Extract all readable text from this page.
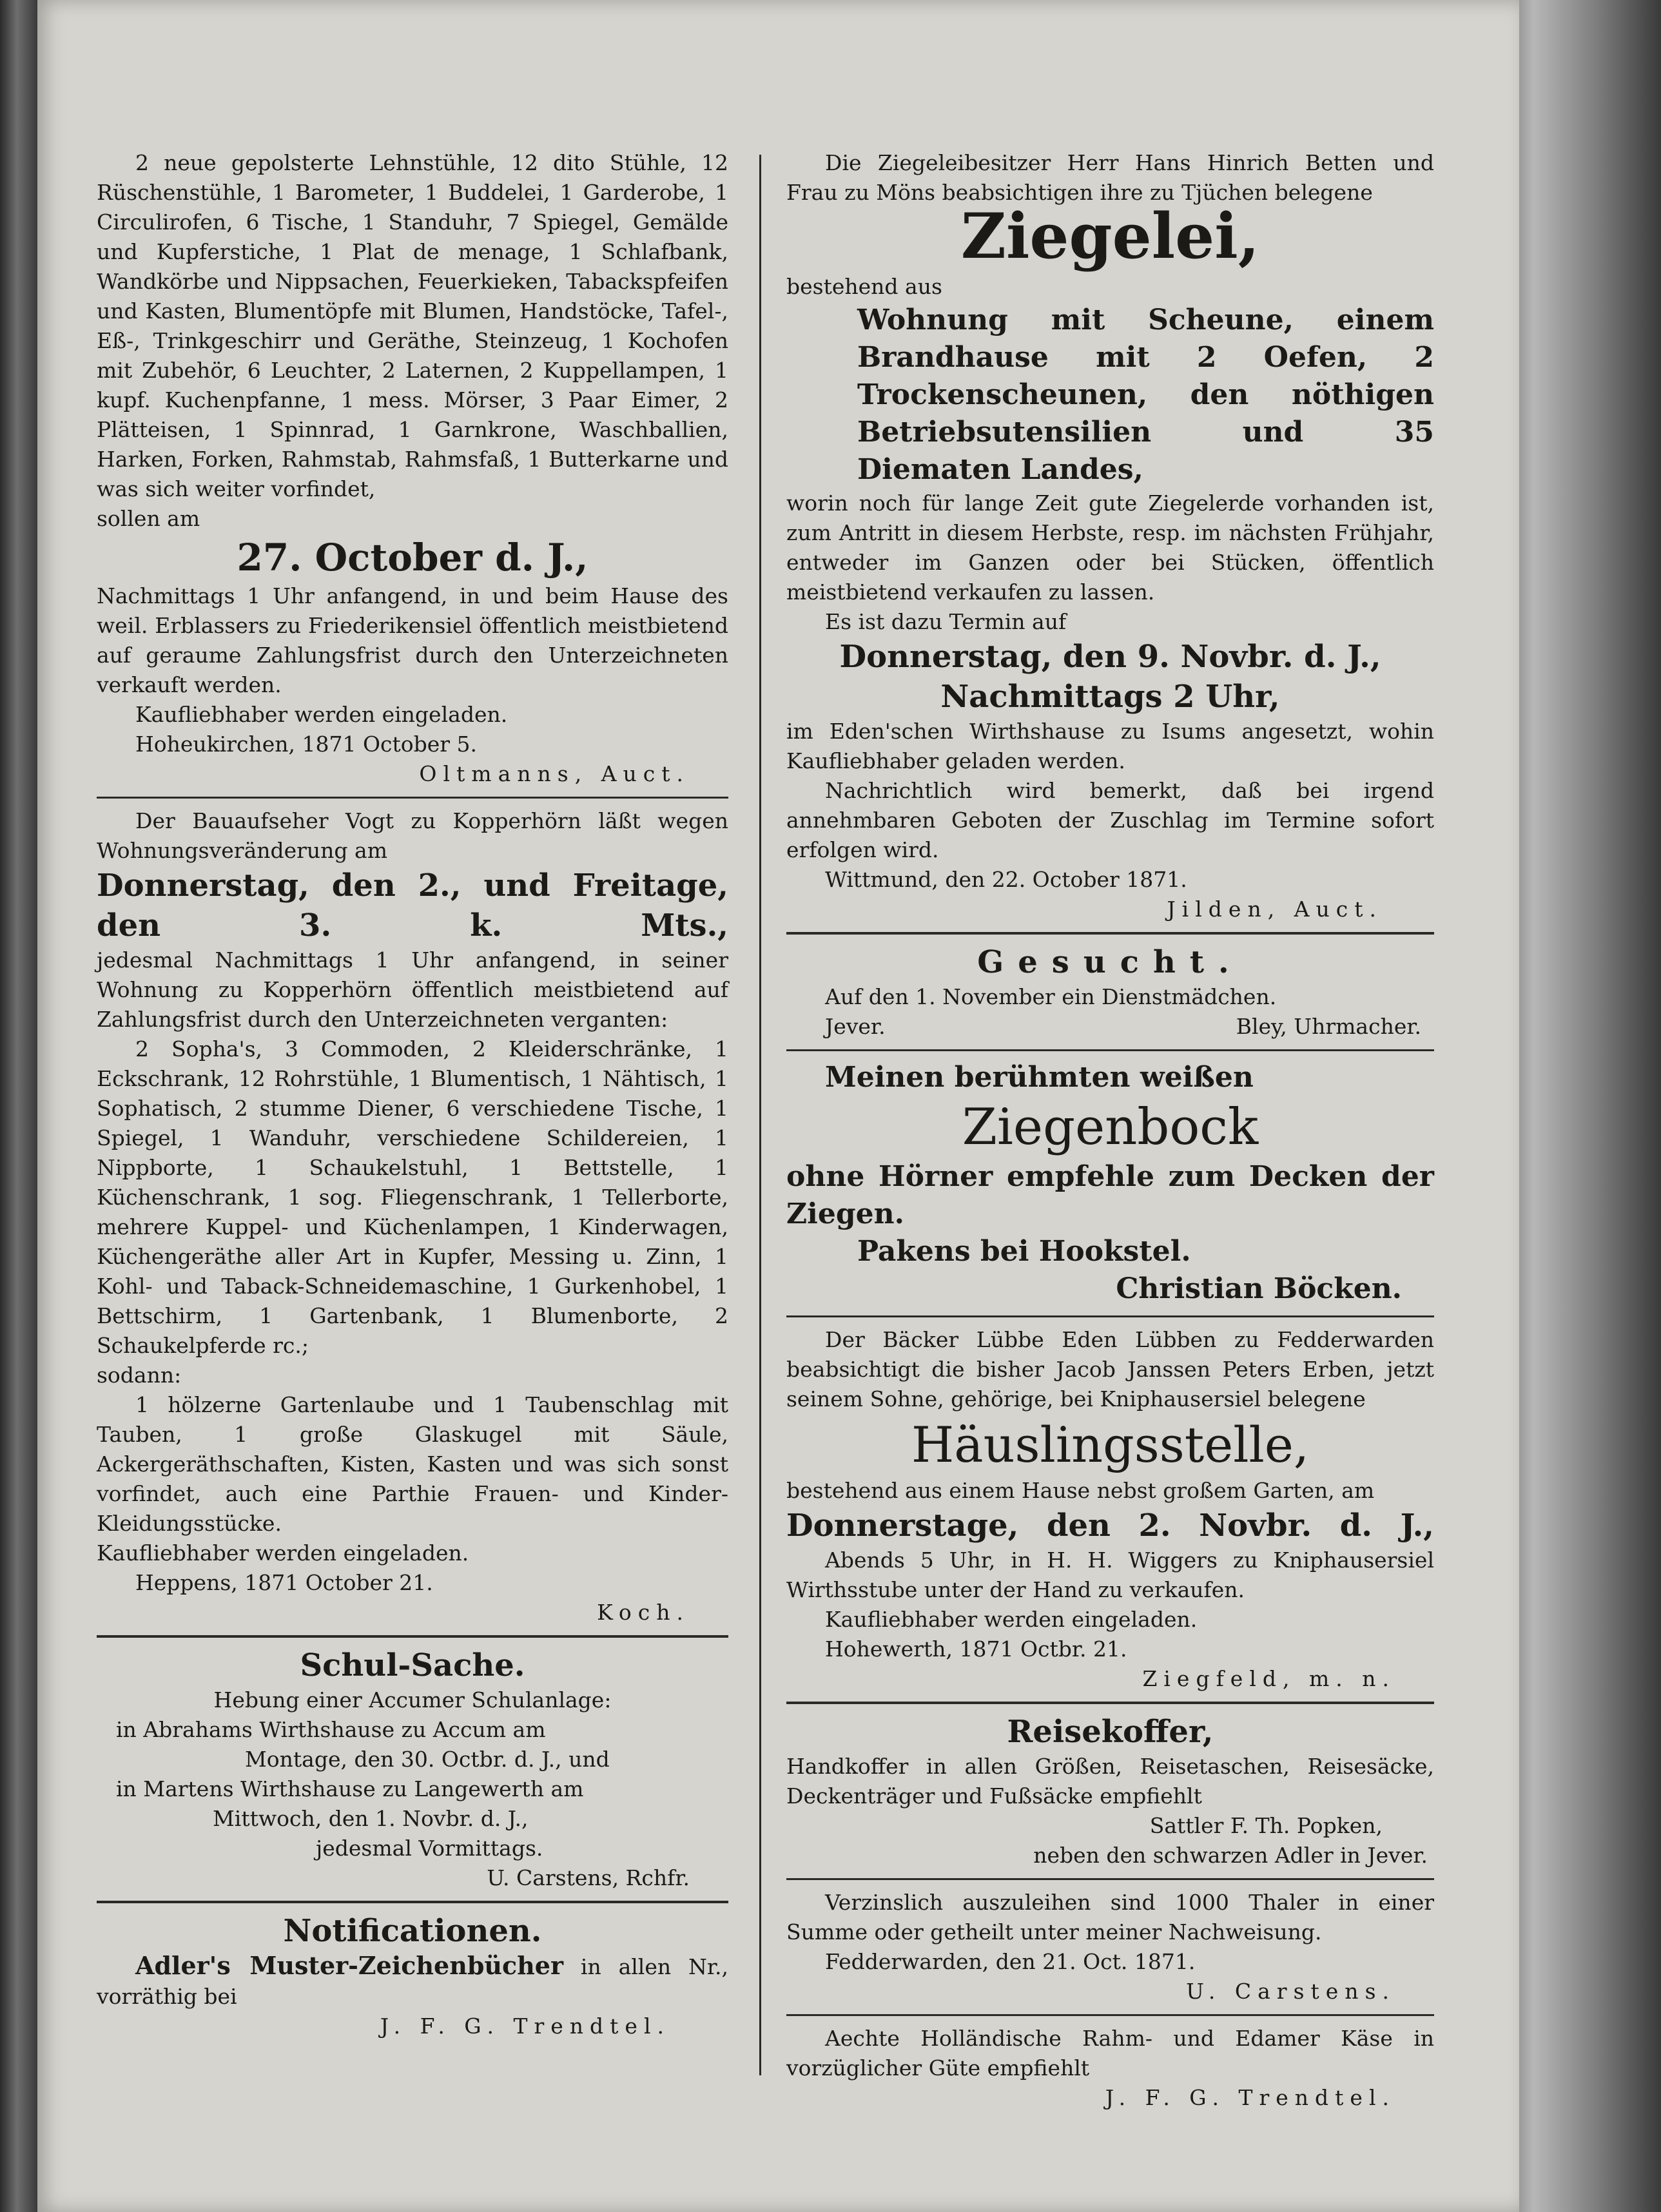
2 neue gepolsterte Lehnstühle, 12 dito Stühle, 12 Rüschenstühle, 1 Barometer, 1 Buddelei, 1 Garderobe, 1 Circulirofen, 6 Tische, 1 Standuhr, 7 Spiegel, Gemälde und Kupferstiche, 1 Plat de menage, 1 Schlafbank, Wandkörbe und Nippsachen, Feuerkieken, Tabackspfeifen und Kasten, Blumentöpfe mit Blumen, Handstöcke, Tafel-, Eß-, Trinkgeschirr und Geräthe, Steinzeug, 1 Kochofen mit Zubehör, 6 Leuchter, 2 Laternen, 2 Kuppellampen, 1 kupf. Kuchenpfanne, 1 mess. Mörser, 3 Paar Eimer, 2 Plätteisen, 1 Spinnrad, 1 Garnkrone, Waschballien, Harken, Forken, Rahmstab, Rahmsfaß, 1 Butterkarne und was sich weiter vorfindet,

sollen am

27. October d. J.,

Nachmittags 1 Uhr anfangend, in und beim Hause des weil. Erblassers zu Friederikensiel öffentlich meistbietend auf geraume Zahlungsfrist durch den Unterzeichneten verkauft werden.

Kaufliebhaber werden eingeladen.

Hoheukirchen, 1871 October 5.

Oltmanns, Auct.

Der Bauaufseher Vogt zu Kopperhörn läßt wegen Wohnungsveränderung am

Donnerstag, den 2., und Freitage, den 3. k. Mts.,

jedesmal Nachmittags 1 Uhr anfangend, in seiner Wohnung zu Kopperhörn öffentlich meistbietend auf Zahlungsfrist durch den Unterzeichneten verganten:

2 Sopha's, 3 Commoden, 2 Kleiderschränke, 1 Eckschrank, 12 Rohrstühle, 1 Blumentisch, 1 Nähtisch, 1 Sophatisch, 2 stumme Diener, 6 verschiedene Tische, 1 Spiegel, 1 Wanduhr, verschiedene Schildereien, 1 Nippborte, 1 Schaukelstuhl, 1 Bettstelle, 1 Küchenschrank, 1 sog. Fliegenschrank, 1 Tellerborte, mehrere Kuppel- und Küchenlampen, 1 Kinderwagen, Küchengeräthe aller Art in Kupfer, Messing u. Zinn, 1 Kohl- und Taback-Schneidemaschine, 1 Gurkenhobel, 1 Bettschirm, 1 Gartenbank, 1 Blumenborte, 2 Schaukelpferde rc.;

sodann:

1 hölzerne Gartenlaube und 1 Taubenschlag mit Tauben, 1 große Glaskugel mit Säule, Ackergeräthschaften, Kisten, Kasten und was sich sonst vorfindet, auch eine Parthie Frauen- und Kinder-Kleidungsstücke.

Kaufliebhaber werden eingeladen.

Heppens, 1871 October 21.

Koch.

Schul-Sache.

Hebung einer Accumer Schulanlage:

in Abrahams Wirthshause zu Accum am

Montage, den 30. Octbr. d. J., und

in Martens Wirthshause zu Langewerth am

Mittwoch, den 1. Novbr. d. J.,

jedesmal Vormittags.

U. Carstens, Rchfr.

Notificationen.

Adler's Muster-Zeichenbücher in allen Nr., vorräthig bei

J. F. G. Trendtel.

Die Ziegeleibesitzer Herr Hans Hinrich Betten und Frau zu Möns beabsichtigen ihre zu Tjüchen belegene

Ziegelei,

bestehend aus

Wohnung mit Scheune, einem Brandhause mit 2 Oefen, 2 Trockenscheunen, den nöthigen Betriebsutensilien und 35 Diematen Landes,

worin noch für lange Zeit gute Ziegelerde vorhanden ist, zum Antritt in diesem Herbste, resp. im nächsten Frühjahr, entweder im Ganzen oder bei Stücken, öffentlich meistbietend verkaufen zu lassen.

Es ist dazu Termin auf

Donnerstag, den 9. Novbr. d. J.,

Nachmittags 2 Uhr,

im Eden'schen Wirthshause zu Isums angesetzt, wohin Kaufliebhaber geladen werden.

Nachrichtlich wird bemerkt, daß bei irgend annehmbaren Geboten der Zuschlag im Termine sofort erfolgen wird.

Wittmund, den 22. October 1871.

Jilden, Auct.

Gesucht.

Auf den 1. November ein Dienstmädchen.

Jever.	Bley, Uhrmacher.

Meinen berühmten weißen

Ziegenbock

ohne Hörner empfehle zum Decken der Ziegen.

Pakens bei Hookstel.

Christian Böcken.

Der Bäcker Lübbe Eden Lübben zu Fedderwarden beabsichtigt die bisher Jacob Janssen Peters Erben, jetzt seinem Sohne, gehörige, bei Kniphausersiel belegene

Häuslingsstelle,

bestehend aus einem Hause nebst großem Garten, am

Donnerstage, den 2. Novbr. d. J.,

Abends 5 Uhr, in H. H. Wiggers zu Kniphausersiel Wirthsstube unter der Hand zu verkaufen.

Kaufliebhaber werden eingeladen.

Hohewerth, 1871 Octbr. 21.

Ziegfeld, m. n.

Reisekoffer,

Handkoffer in allen Größen, Reisetaschen, Reisesäcke, Deckenträger und Fußsäcke empfiehlt

Sattler F. Th. Popken,

neben den schwarzen Adler in Jever.

Verzinslich auszuleihen sind 1000 Thaler in einer Summe oder getheilt unter meiner Nachweisung.

Fedderwarden, den 21. Oct. 1871.

U. Carstens.

Aechte Holländische Rahm- und Edamer Käse in vorzüglicher Güte empfiehlt

J. F. G. Trendtel.
